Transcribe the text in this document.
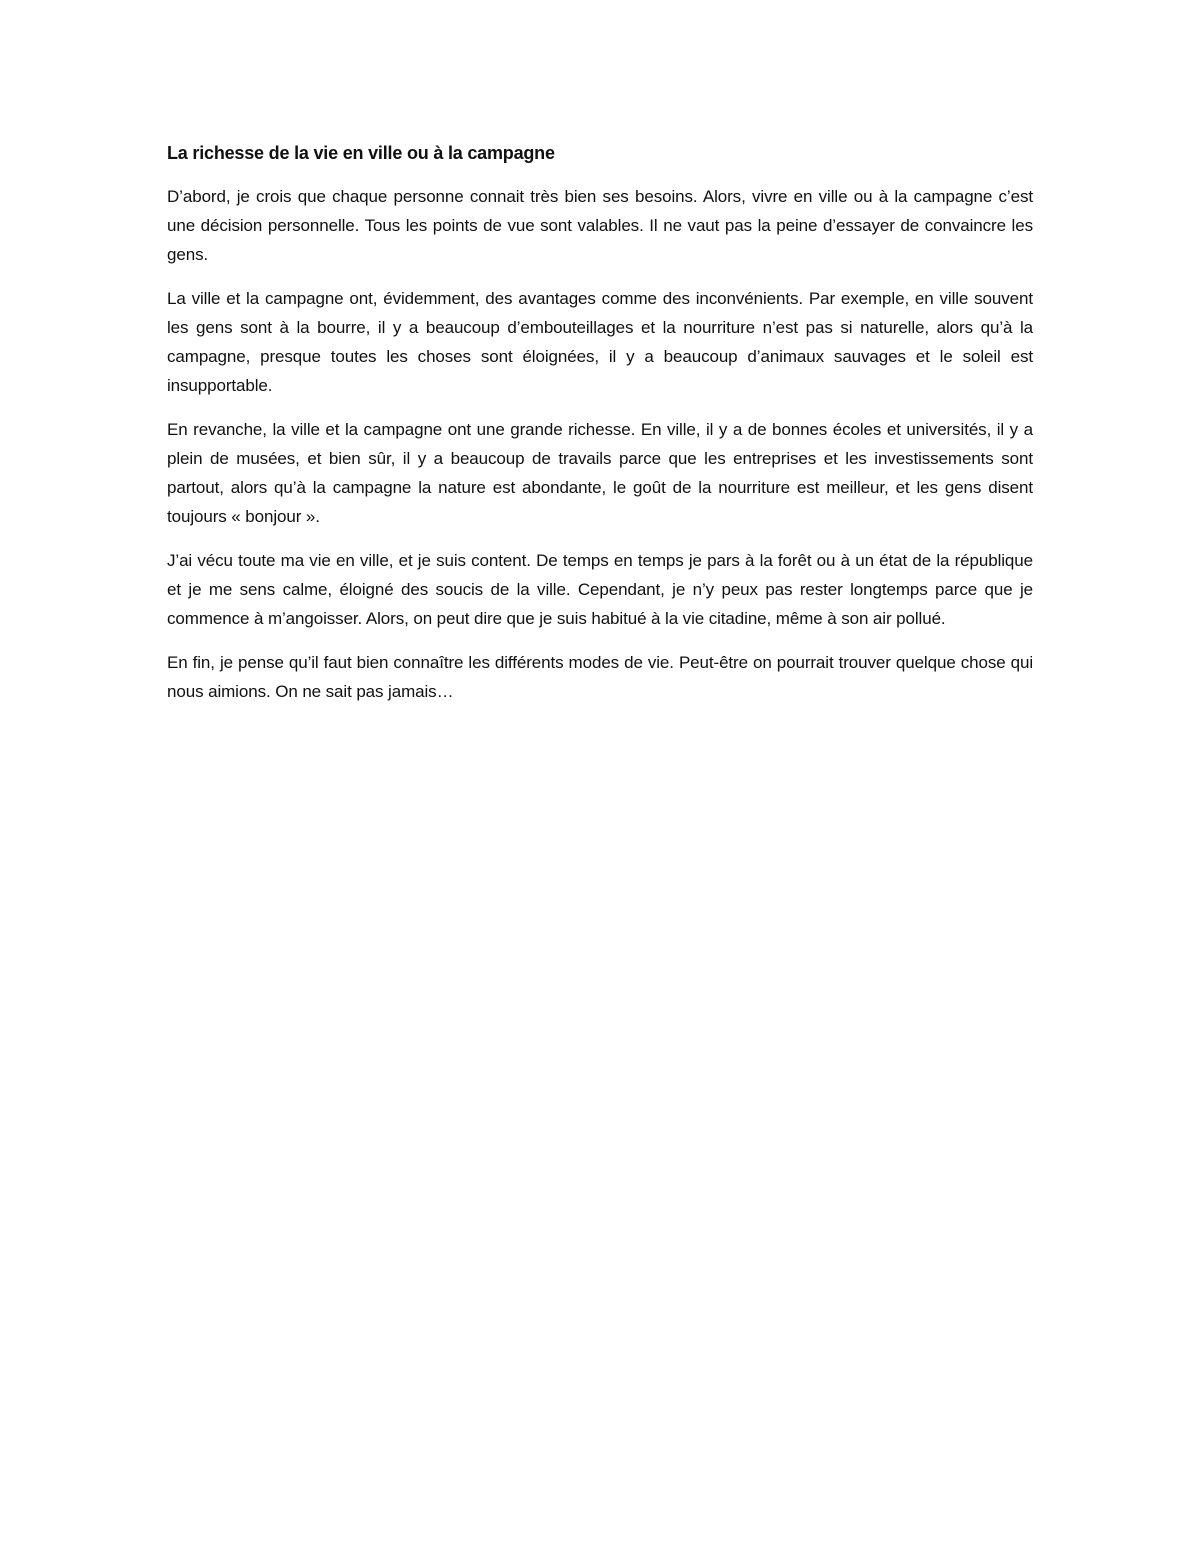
La richesse de la vie en ville ou à la campagne

D’abord, je crois que chaque personne connait très bien ses besoins. Alors, vivre en ville ou à la campagne c’est une décision personnelle. Tous les points de vue sont valables. Il ne vaut pas la peine d’essayer de convaincre les gens.

La ville et la campagne ont, évidemment, des avantages comme des inconvénients. Par exemple, en ville souvent les gens sont à la bourre, il y a beaucoup d’embouteillages et la nourriture n’est pas si naturelle, alors qu’à la campagne, presque toutes les choses sont éloignées, il y a beaucoup d’animaux sauvages et le soleil est insupportable.

En revanche, la ville et la campagne ont une grande richesse. En ville, il y a de bonnes écoles et universités, il y a plein de musées, et bien sûr, il y a beaucoup de travails parce que les entreprises et les investissements sont partout, alors qu’à la campagne la nature est abondante, le goût de la nourriture est meilleur, et les gens disent toujours « bonjour ».

J’ai vécu toute ma vie en ville, et je suis content. De temps en temps je pars à la forêt ou à un état de la république et je me sens calme, éloigné des soucis de la ville. Cependant, je n’y peux pas rester longtemps parce que je commence à m’angoisser. Alors, on peut dire que je suis habitué à la vie citadine, même à son air pollué.

En fin, je pense qu’il faut bien connaître les différents modes de vie. Peut-être on pourrait trouver quelque chose qui nous aimions. On ne sait pas jamais…
